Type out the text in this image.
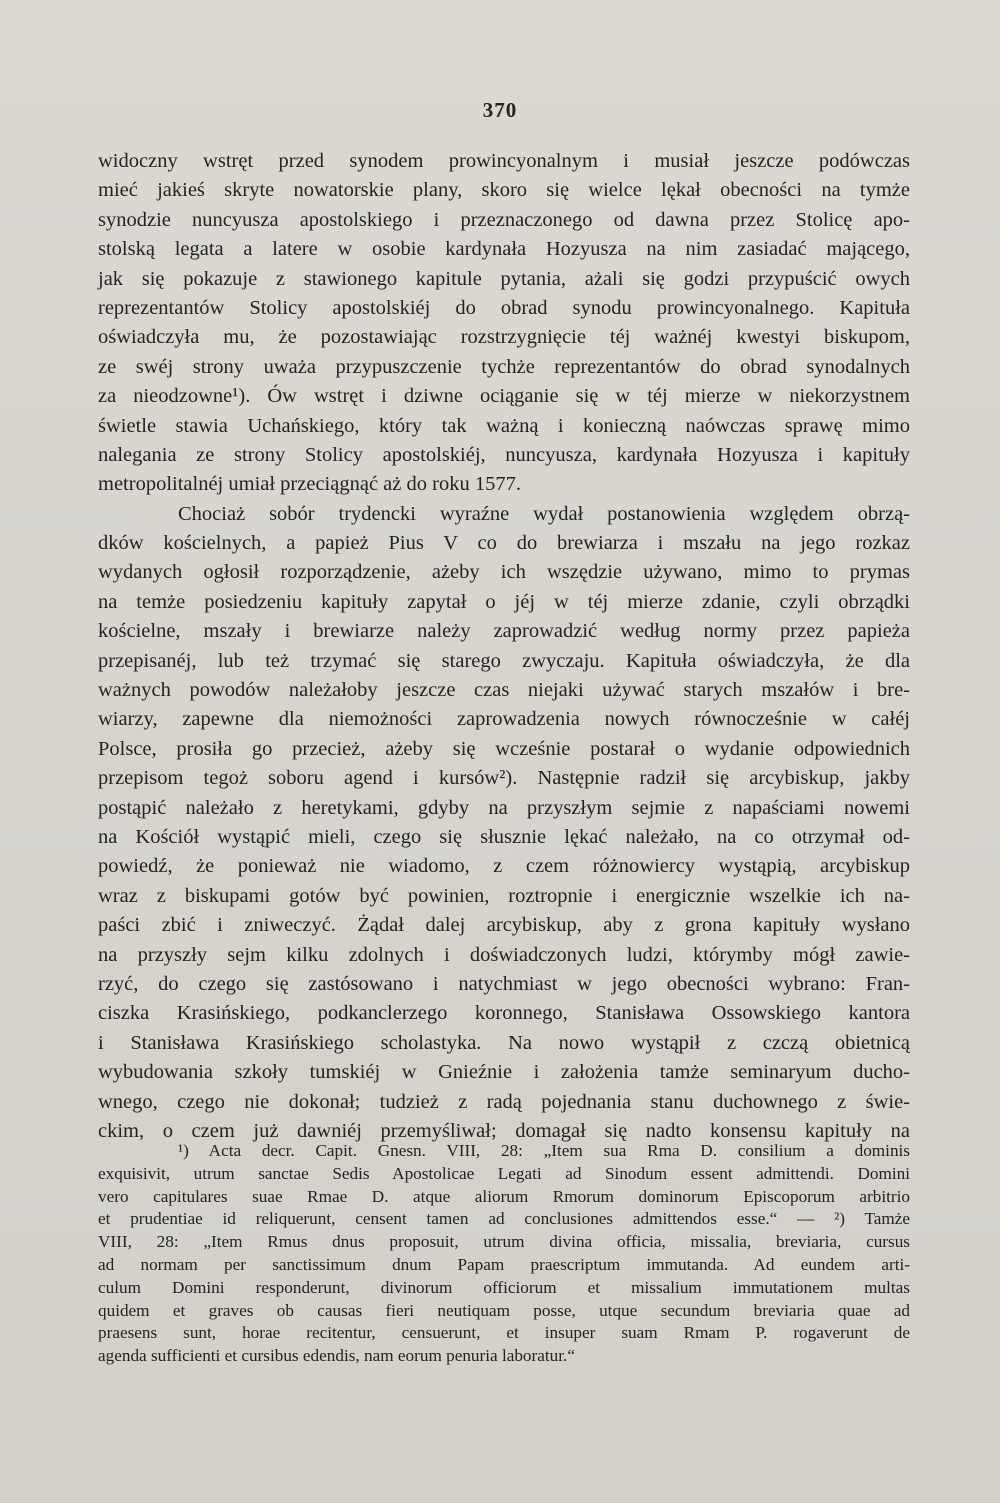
370
widoczny wstręt przed synodem prowincyonalnym i musiał jeszcze podówczas
mieć jakieś skryte nowatorskie plany, skoro się wielce lękał obecności na tymże
synodzie nuncyusza apostolskiego i przeznaczonego od dawna przez Stolicę apo-
stolską legata a latere w osobie kardynała Hozyusza na nim zasiadać mającego,
jak się pokazuje z stawionego kapitule pytania, ażali się godzi przypuścić owych
reprezentantów Stolicy apostolskiéj do obrad synodu prowincyonalnego. Kapituła
oświadczyła mu, że pozostawiając rozstrzygnięcie téj ważnéj kwestyi biskupom,
ze swéj strony uważa przypuszczenie tychże reprezentantów do obrad synodalnych
za nieodzowne¹). Ów wstręt i dziwne ociąganie się w téj mierze w niekorzystnem
świetle stawia Uchańskiego, który tak ważną i konieczną naówczas sprawę mimo
nalegania ze strony Stolicy apostolskiéj, nuncyusza, kardynała Hozyusza i kapituły
metropolitalnéj umiał przeciągnąć aż do roku 1577.
Chociaż sobór trydencki wyraźne wydał postanowienia względem obrzą-
dków kościelnych, a papież Pius V co do brewiarza i mszału na jego rozkaz
wydanych ogłosił rozporządzenie, ażeby ich wszędzie używano, mimo to prymas
na temże posiedzeniu kapituły zapytał o jéj w téj mierze zdanie, czyli obrządki
kościelne, mszały i brewiarze należy zaprowadzić według normy przez papieża
przepisanéj, lub też trzymać się starego zwyczaju. Kapituła oświadczyła, że dla
ważnych powodów należałoby jeszcze czas niejaki używać starych mszałów i bre-
wiarzy, zapewne dla niemożności zaprowadzenia nowych równocześnie w całéj
Polsce, prosiła go przecież, ażeby się wcześnie postarał o wydanie odpowiednich
przepisom tegoż soboru agend i kursów²). Następnie radził się arcybiskup, jakby
postąpić należało z heretykami, gdyby na przyszłym sejmie z napaściami nowemi
na Kościół wystąpić mieli, czego się słusznie lękać należało, na co otrzymał od-
powiedź, że ponieważ nie wiadomo, z czem różnowiercy wystąpią, arcybiskup
wraz z biskupami gotów być powinien, roztropnie i energicznie wszelkie ich na-
paści zbić i zniweczyć. Żądał dalej arcybiskup, aby z grona kapituły wysłano
na przyszły sejm kilku zdolnych i doświadczonych ludzi, którymby mógł zawie-
rzyć, do czego się zastósowano i natychmiast w jego obecności wybrano: Fran-
ciszka Krasińskiego, podkanclerzego koronnego, Stanisława Ossowskiego kantora
i Stanisława Krasińskiego scholastyka. Na nowo wystąpił z czczą obietnicą
wybudowania szkoły tumskiéj w Gnieźnie i założenia tamże seminaryum ducho-
wnego, czego nie dokonał; tudzież z radą pojednania stanu duchownego z świe-
ckim, o czem już dawniéj przemyśliwał; domagał się nadto konsensu kapituły na
¹) Acta decr. Capit. Gnesn. VIII, 28: „Item sua Rma D. consilium a dominis
exquisivit, utrum sanctae Sedis Apostolicae Legati ad Sinodum essent admittendi. Domini
vero capitulares suae Rmae D. atque aliorum Rmorum dominorum Episcoporum arbitrio
et prudentiae id reliquerunt, censent tamen ad conclusiones admittendos esse.“ — ²) Tamże
VIII, 28: „Item Rmus dnus proposuit, utrum divina officia, missalia, breviaria, cursus
ad normam per sanctissimum dnum Papam praescriptum immutanda. Ad eundem arti-
culum Domini responderunt, divinorum officiorum et missalium immutationem multas
quidem et graves ob causas fieri neutiquam posse, utque secundum breviaria quae ad
praesens sunt, horae recitentur, censuerunt, et insuper suam Rmam P. rogaverunt de
agenda sufficienti et cursibus edendis, nam eorum penuria laboratur.“
